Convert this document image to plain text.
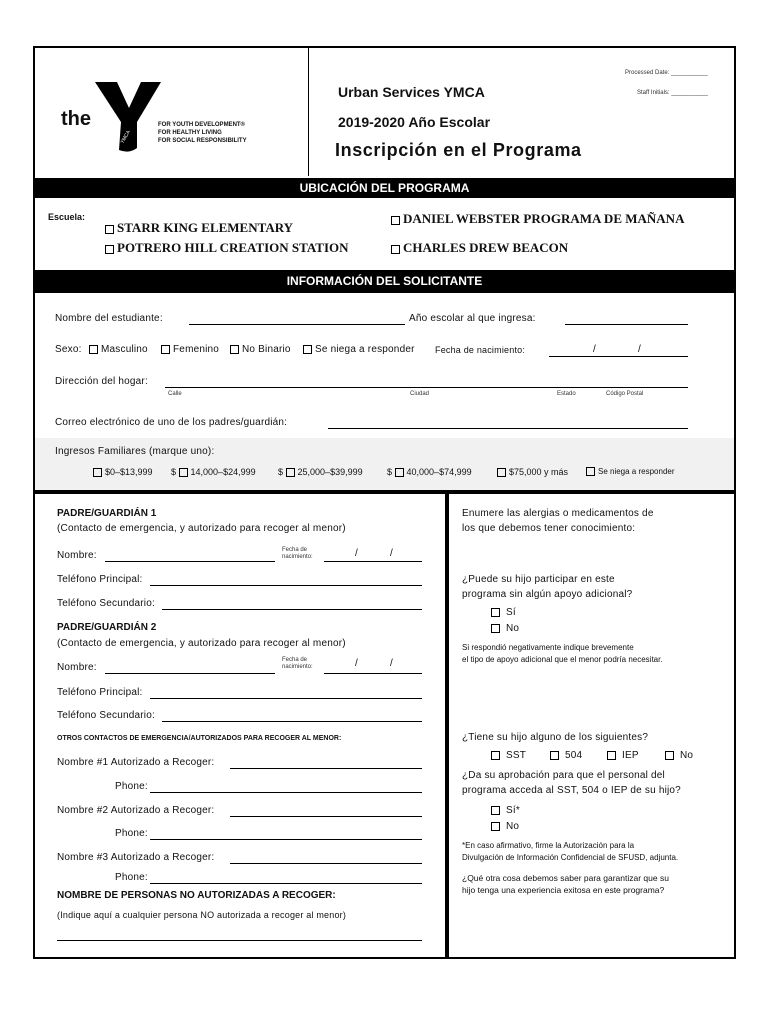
the
YMCA
FOR YOUTH DEVELOPMENT®
FOR HEALTHY LIVING
FOR SOCIAL RESPONSIBILITY
Urban Services YMCA
2019-2020 Año Escolar
Inscripción en el Programa
Processed Date: ___________
Staff Initials: ___________
UBICACIÓN DEL PROGRAMA
Escuela:
STARR KING ELEMENTARY
POTRERO HILL CREATION STATION
DANIEL WEBSTER PROGRAMA DE MAÑANA
CHARLES DREW BEACON
INFORMACIÓN DEL SOLICITANTE
Nombre del estudiante:	Año escolar al que ingresa:
Sexo:	Masculino	Femenino	No Binario	Se niega a responder Fecha de nacimiento:	/	/
Dirección del hogar:
Calle	Ciudad	Estado	Código Postal
Correo electrónico de uno de los padres/guardián:
Ingresos Familiares (marque uno):
$0–$13,999 $ 14,000–$24,999 $ 25,000–$39,999	$ 40,000–$74,999	$75,000 y más	Se niega a responder
PADRE/GUARDIÁN 1
(Contacto de emergencia, y autorizado para recoger al menor)
Nombre:	Fecha de
nacimiento:	/	/
Teléfono Principal:
Teléfono Secundario:
PADRE/GUARDIÁN 2
(Contacto de emergencia, y autorizado para recoger al menor)
Nombre:
Fecha de
nacimiento:	/	/
Teléfono Principal:
Teléfono Secundario:
OTROS CONTACTOS DE EMERGENCIA/AUTORIZADOS PARA RECOGER AL MENOR:
Nombre #1 Autorizado a Recoger:
Phone:
Nombre #2 Autorizado a Recoger:
Phone:
Nombre #3 Autorizado a Recoger:
Phone:
NOMBRE DE PERSONAS NO AUTORIZADAS A RECOGER:
(Indique aquí a cualquier persona NO autorizada a recoger al menor)
Enumere las alergias o medicamentos de
los que debemos tener conocimiento:
¿Puede su hijo participar en este
programa sin algún apoyo adicional?
Sí
No
Si respondió negativamente indique brevemente
el tipo de apoyo adicional que el menor podría necesitar.
¿Tiene su hijo alguno de los siguientes?
SST	504	IEP	No
¿Da su aprobación para que el personal del
programa acceda al SST, 504 o IEP de su hijo?
Sí*
No
*En caso afirmativo, firme la Autorización para la
Divulgación de Información Confidencial de SFUSD, adjunta.
¿Qué otra cosa debemos saber para garantizar que su
hijo tenga una experiencia exitosa en este programa?
